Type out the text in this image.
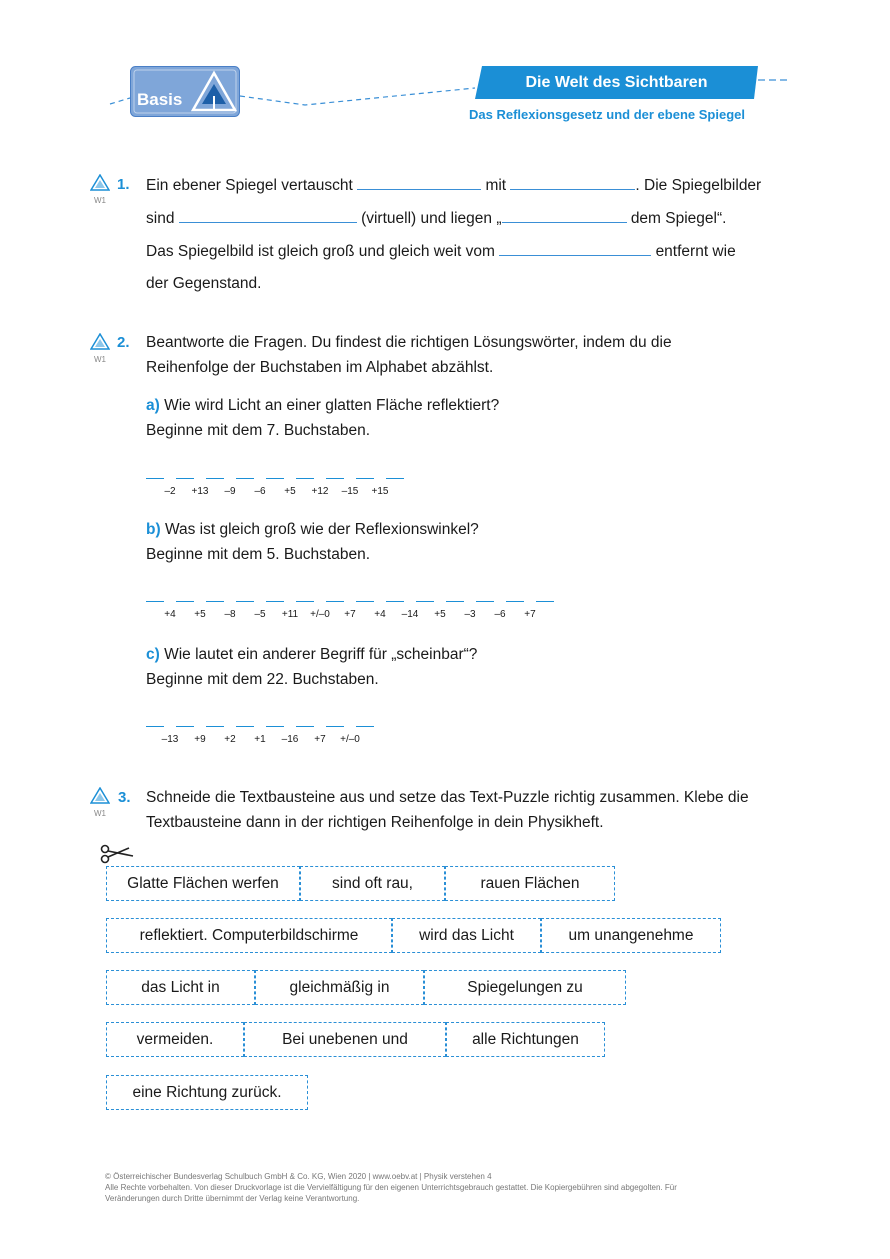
Basis
Die Welt des Sichtbaren
Das Reflexionsgesetz und der ebene Spiegel
W1
1. Ein ebener Spiegel vertauscht	mit	. Die Spiegelbilder
sind	(virtuell) und liegen „	dem Spiegel“.
Das Spiegelbild ist gleich groß und gleich weit vom	entfernt wie
der Gegenstand.
W1
2. Beantworte die Fragen. Du findest die richtigen Lösungswörter, indem du die
Reihenfolge der Buchstaben im Alphabet abzählst.
a) Wie wird Licht an einer glatten Fläche reflektiert?
Beginne mit dem 7. Buchstaben.
–2	+13	–9	–6	+5	+12	–15	+15
b) Was ist gleich groß wie der Reflexionswinkel?
Beginne mit dem 5. Buchstaben.
+4	+5	–8	–5	+11	+/–0	+7	+4	–14	+5	–3	–6	+7
c) Wie lautet ein anderer Begriff für „scheinbar“?
Beginne mit dem 22. Buchstaben.
–13	+9	+2	+1	–16	+7	+/–0
W1
3. Schneide die Textbausteine aus und setze das Text-Puzzle richtig zusammen. Klebe die
Textbausteine dann in der richtigen Reihenfolge in dein Physikheft.
Glatte Flächen werfen	sind oft rau,	rauen Flächen
reflektiert. Computerbildschirme	wird das Licht	um unangenehme
das Licht in	gleichmäßig in	Spiegelungen zu
vermeiden.	Bei unebenen und	alle Richtungen
eine Richtung zurück.
© Österreichischer Bundesverlag Schulbuch GmbH & Co. KG, Wien 2020 | www.oebv.at | Physik verstehen 4
Alle Rechte vorbehalten. Von dieser Druckvorlage ist die Vervielfältigung für den eigenen Unterrichtsgebrauch gestattet. Die Kopiergebühren sind abgegolten. Für
Veränderungen durch Dritte übernimmt der Verlag keine Verantwortung.
